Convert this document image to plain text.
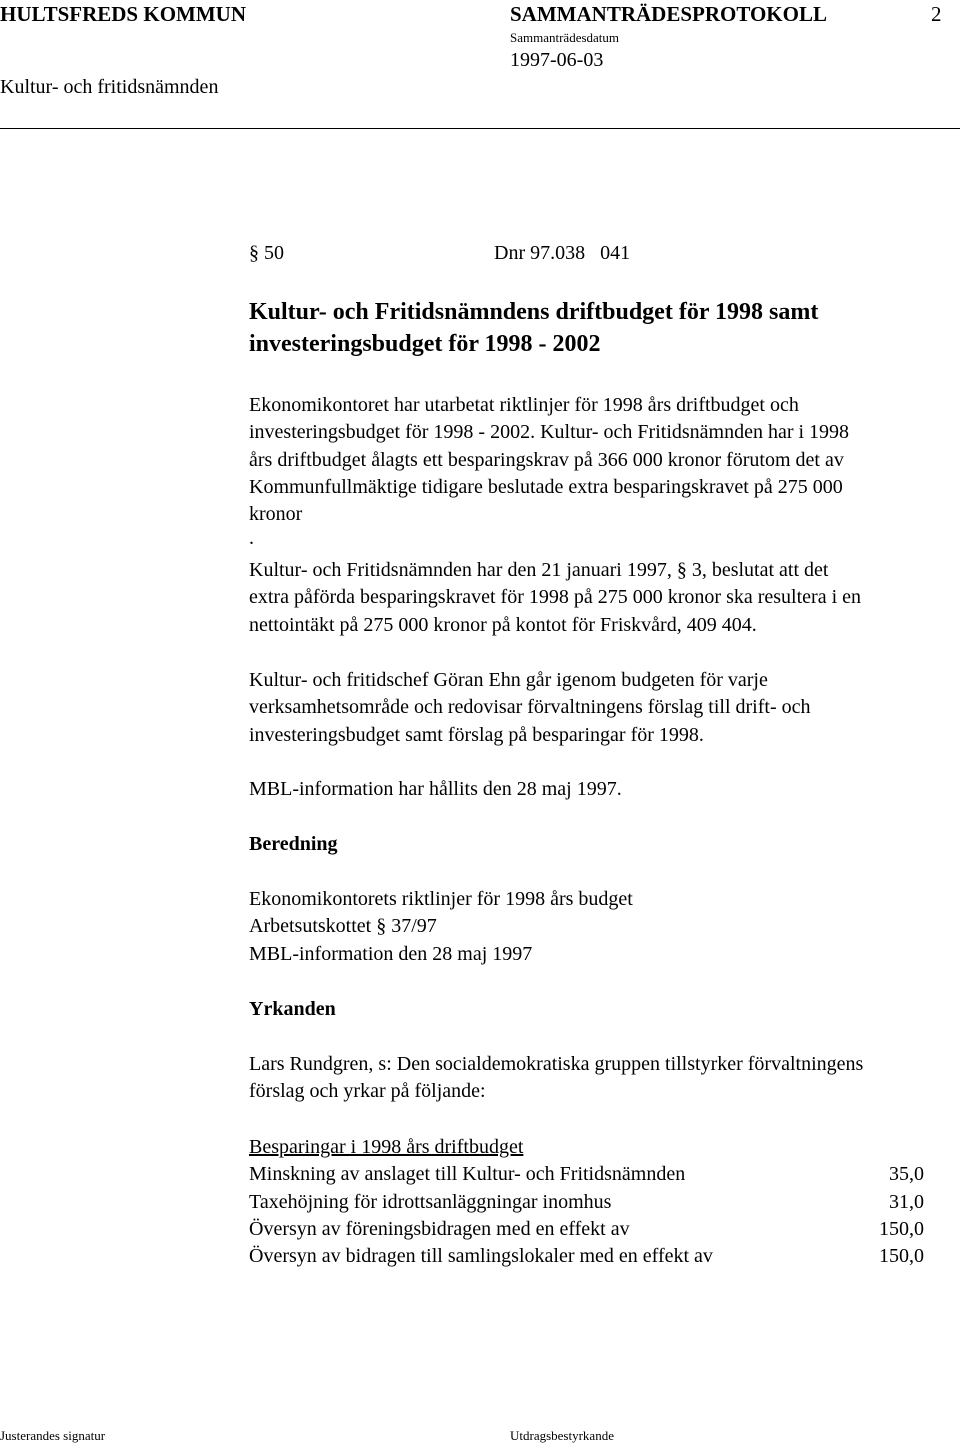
HULTSFREDS KOMMUN	SAMMANTRÄDESPROTOKOLL	2
Sammanträdesdatum
1997-06-03
Kultur- och fritidsnämnden
§ 50	Dnr 97.038   041
Kultur- och Fritidsnämndens driftbudget för 1998 samt
investeringsbudget för 1998 - 2002
Ekonomikontoret har utarbetat riktlinjer för 1998 års driftbudget och
investeringsbudget för 1998 - 2002. Kultur- och Fritidsnämnden har i 1998
års driftbudget ålagts ett besparingskrav på 366 000 kronor förutom det av
Kommunfullmäktige tidigare beslutade extra besparingskravet på 275 000
kronor
.
Kultur- och Fritidsnämnden har den 21 januari 1997, § 3, beslutat att det
extra påförda besparingskravet för 1998 på 275 000 kronor ska resultera i en
nettointäkt på 275 000 kronor på kontot för Friskvård, 409 404.
Kultur- och fritidschef Göran Ehn går igenom budgeten för varje
verksamhetsområde och redovisar förvaltningens förslag till drift- och
investeringsbudget samt förslag på besparingar för 1998.
MBL-information har hållits den 28 maj 1997.
Beredning
Ekonomikontorets riktlinjer för 1998 års budget
Arbetsutskottet § 37/97
MBL-information den 28 maj 1997
Yrkanden
Lars Rundgren, s: Den socialdemokratiska gruppen tillstyrker förvaltningens
förslag och yrkar på följande:
Besparingar i 1998 års driftbudget
Minskning av anslaget till Kultur- och Fritidsnämnden	35,0
Taxehöjning för idrottsanläggningar inomhus	31,0
Översyn av föreningsbidragen med en effekt av	150,0
Översyn av bidragen till samlingslokaler med en effekt av	150,0
Justerandes signatur	Utdragsbestyrkande
